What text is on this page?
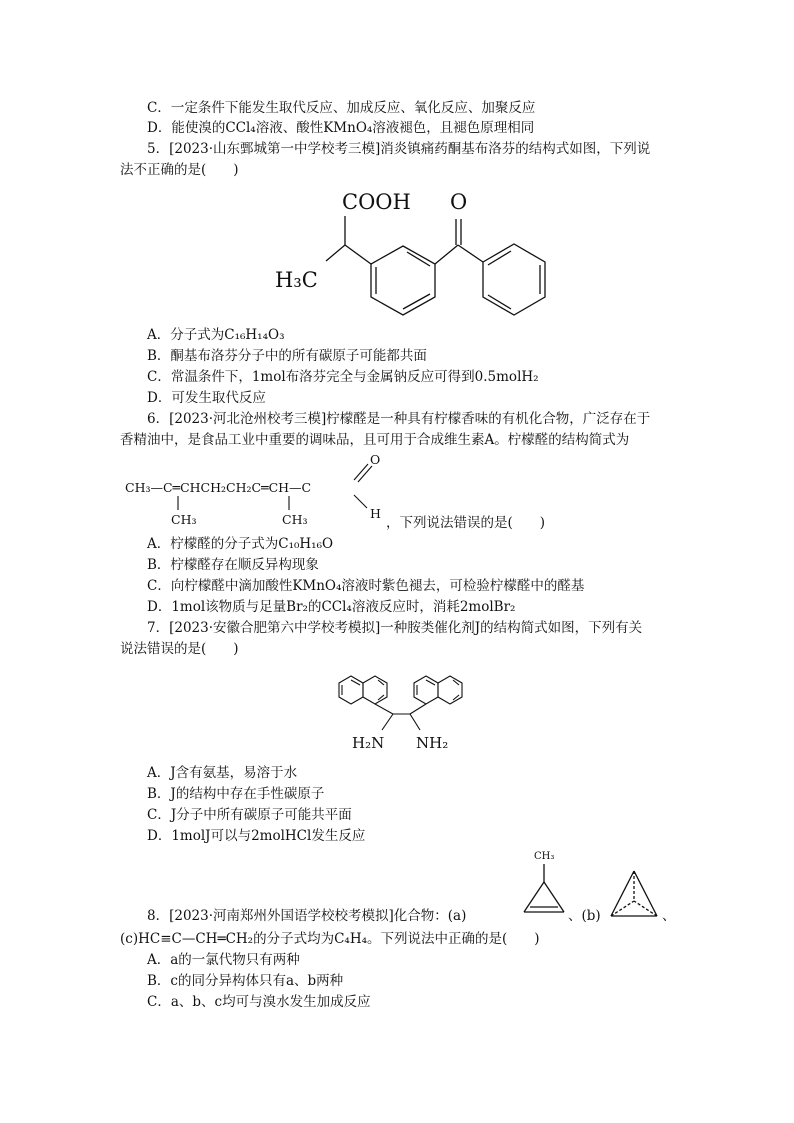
C．一定条件下能发生取代反应、加成反应、氧化反应、加聚反应
D．能使溴的CCl₄溶液、酸性KMnO₄溶液褪色，且褪色原理相同
5．[2023·山东鄄城第一中学校考三模]消炎镇痛药酮基布洛芬的结构式如图，下列说
法不正确的是(　　)
COOH O
H₃C
A．分子式为C₁₆H₁₄O₃
B．酮基布洛芬分子中的所有碳原子可能都共面
C．常温条件下，1mol布洛芬完全与金属钠反应可得到0.5molH₂
D．可发生取代反应
6．[2023·河北沧州校考三模]柠檬醛是一种具有柠檬香味的有机化合物，广泛存在于
香精油中，是食品工业中重要的调味品，且可用于合成维生素A。柠檬醛的结构简式为
CH₃—C═CHCH₂CH₂C═CH—C
CH₃	CH₃
O
H
，下列说法错误的是(　　)
A．柠檬醛的分子式为C₁₀H₁₆O
B．柠檬醛存在顺反异构现象
C．向柠檬醛中滴加酸性KMnO₄溶液时紫色褪去，可检验柠檬醛中的醛基
D．1mol该物质与足量Br₂的CCl₄溶液反应时，消耗2molBr₂
7．[2023·安徽合肥第六中学校考模拟]一种胺类催化剂J的结构简式如图，下列有关
说法错误的是(　　)
H₂N NH₂
A．J含有氨基，易溶于水
B．J的结构中存在手性碳原子
C．J分子中所有碳原子可能共平面
D．1molJ可以与2molHCl发生反应
CH₃
8．[2023·河南郑州外国语学校校考模拟]化合物：(a)	、(b)	、
(c)HC≡C—CH═CH₂的分子式均为C₄H₄。下列说法中正确的是(　　)
A．a的一氯代物只有两种
B．c的同分异构体只有a、b两种
C．a、b、c均可与溴水发生加成反应
